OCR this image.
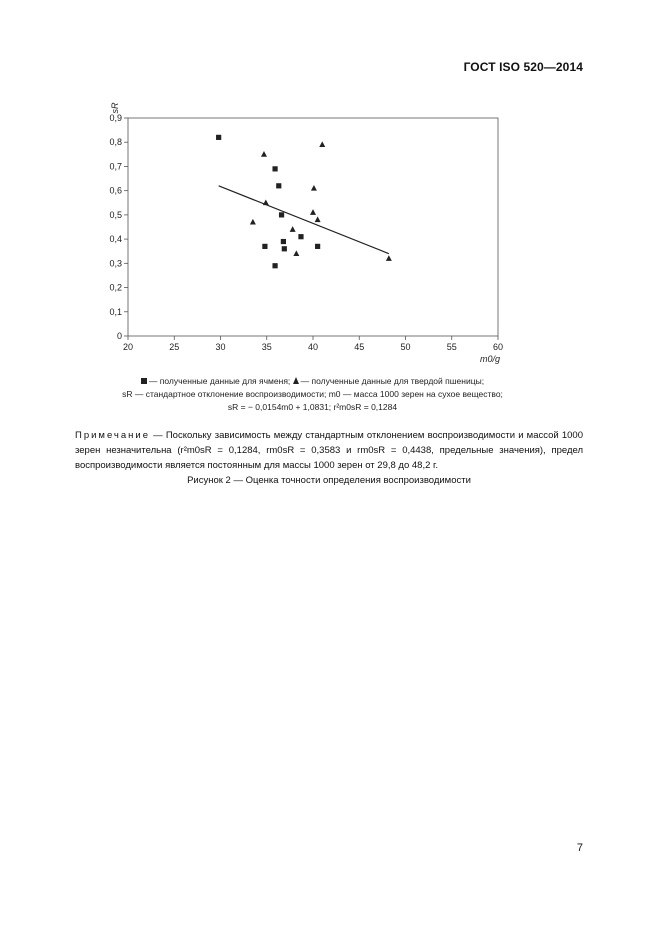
ГОСТ ISO 520—2014
20	25	30	35	40	45	50	55	60
0
0,1
0,2
0,3
0,4
0,5
0,6
0,7
0,8
0,9
m0/g
sR
— полученные данные для ячменя; — полученные данные для твердой пшеницы;
sR — стандартное отклонение воспроизводимости; m0 — масса 1000 зерен на сухое вещество;
sR = − 0,0154m0 + 1,0831; r²m0sR = 0,1284
Примечание — Поскольку зависимость между стандартным отклонением воспроизводимости и массой 1000 зерен незначительна (r²m0sR = 0,1284, rm0sR = 0,3583 и rm0sR = 0,4438, предельные значения), предел воспроизводимости является постоянным для массы 1000 зерен от 29,8 до 48,2 г.
Рисунок 2 — Оценка точности определения воспроизводимости
7
